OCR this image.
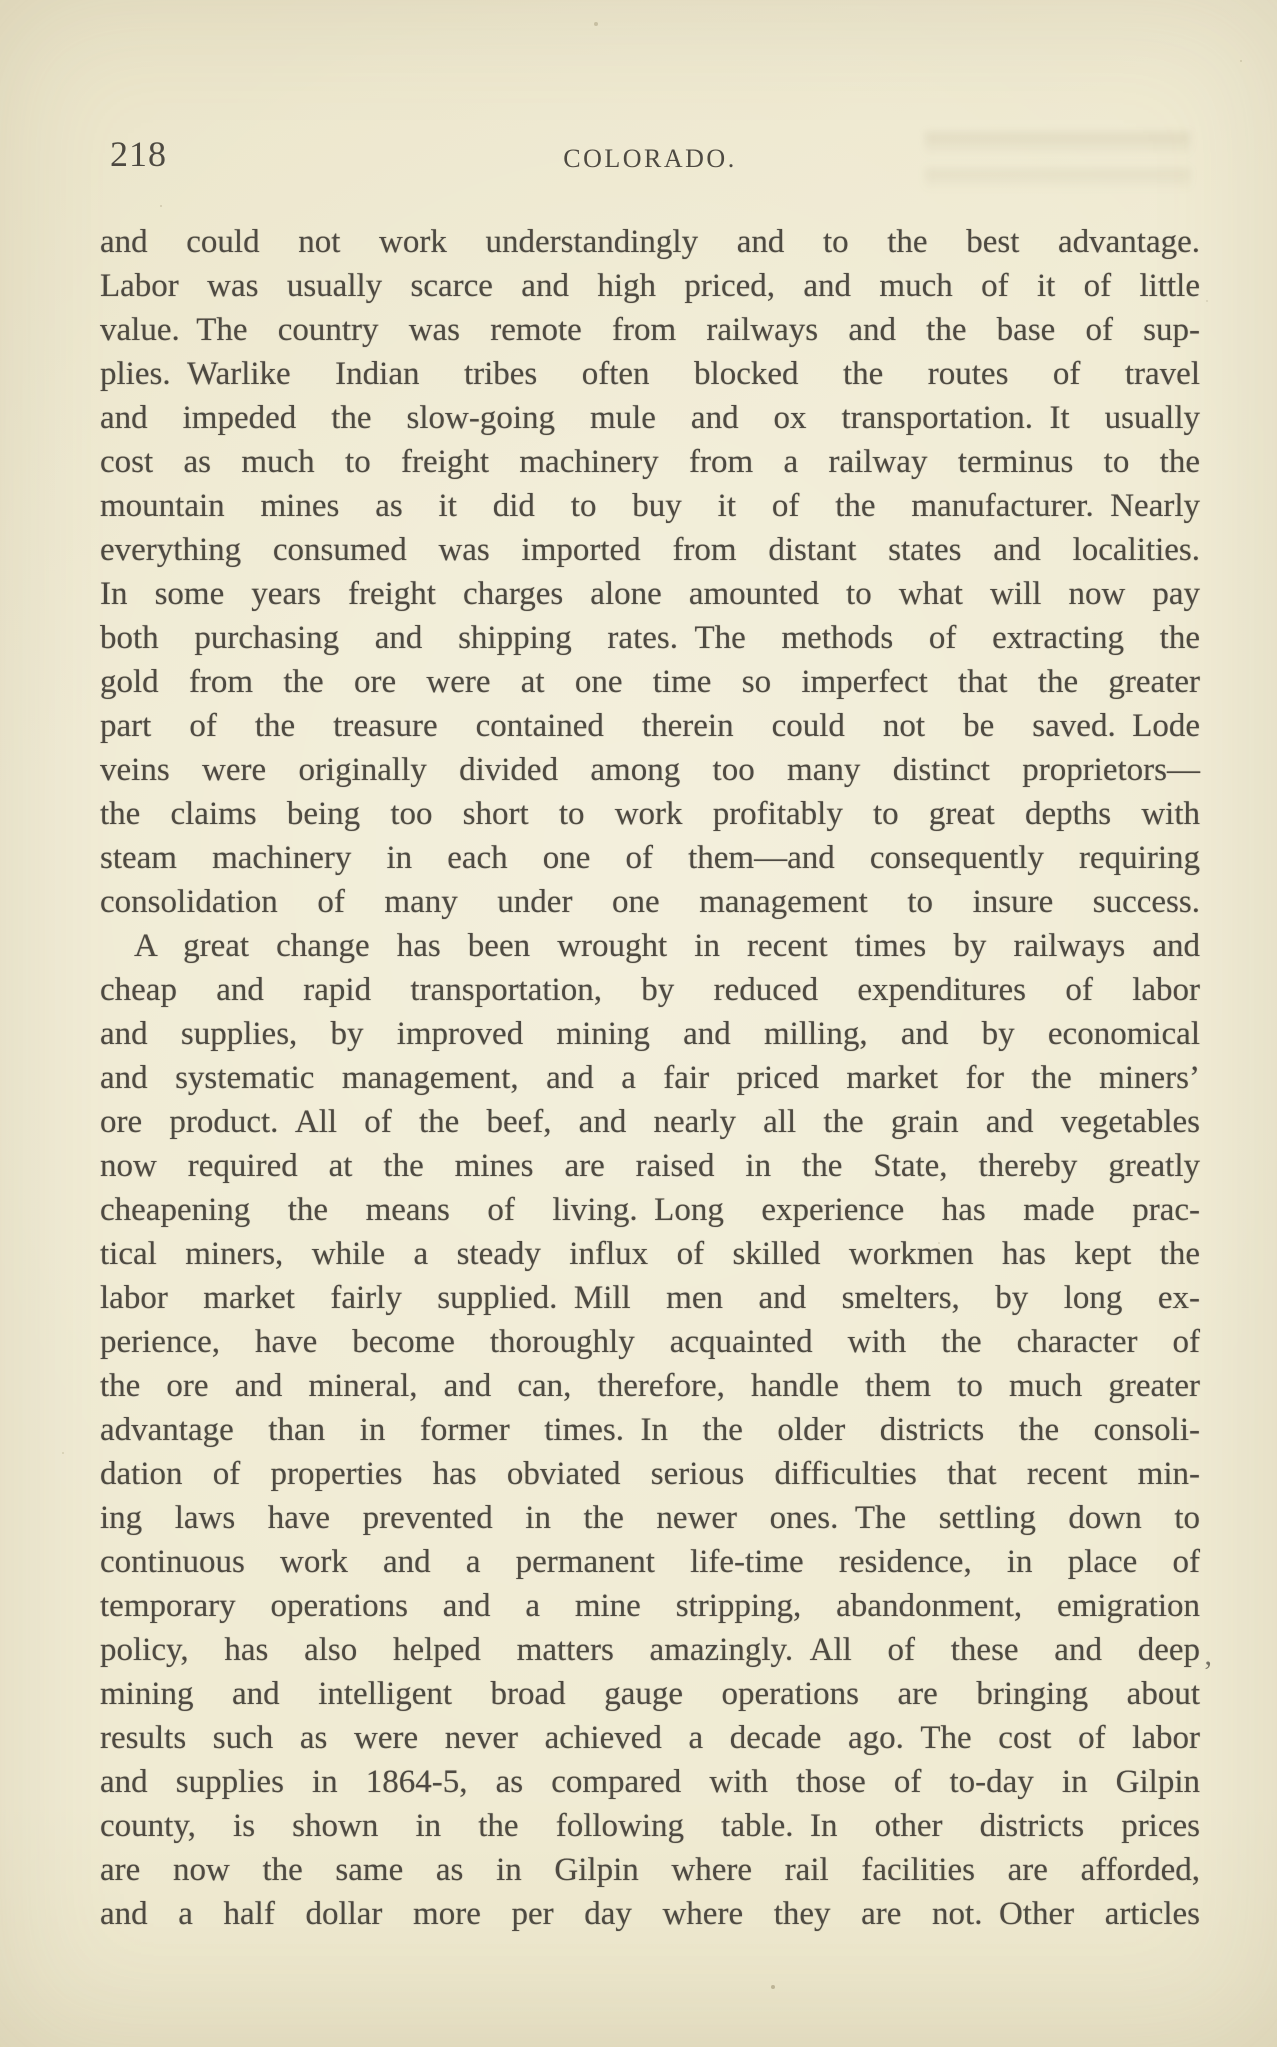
218	COLORADO.
and could not work understandingly and to the best advantage.
Labor was usually scarce and high priced, and much of it of little
value. The country was remote from railways and the base of sup-
plies. Warlike Indian tribes often blocked the routes of travel
and impeded the slow-going mule and ox transportation. It usually
cost as much to freight machinery from a railway terminus to the
mountain mines as it did to buy it of the manufacturer. Nearly
everything consumed was imported from distant states and localities.
In some years freight charges alone amounted to what will now pay
both purchasing and shipping rates. The methods of extracting the
gold from the ore were at one time so imperfect that the greater
part of the treasure contained therein could not be saved. Lode
veins were originally divided among too many distinct proprietors—
the claims being too short to work profitably to great depths with
steam machinery in each one of them—and consequently requiring
consolidation of many under one management to insure success.
A great change has been wrought in recent times by railways and
cheap and rapid transportation, by reduced expenditures of labor
and supplies, by improved mining and milling, and by economical
and systematic management, and a fair priced market for the miners’
ore product. All of the beef, and nearly all the grain and vegetables
now required at the mines are raised in the State, thereby greatly
cheapening the means of living. Long experience has made prac-
tical miners, while a steady influx of skilled workmen has kept the
labor market fairly supplied. Mill men and smelters, by long ex-
perience, have become thoroughly acquainted with the character of
the ore and mineral, and can, therefore, handle them to much greater
advantage than in former times. In the older districts the consoli-
dation of properties has obviated serious difficulties that recent min-
ing laws have prevented in the newer ones. The settling down to
continuous work and a permanent life-time residence, in place of
temporary operations and a mine stripping, abandonment, emigration
policy, has also helped matters amazingly. All of these and deep
mining and intelligent broad gauge operations are bringing about
results such as were never achieved a decade ago. The cost of labor
and supplies in 1864-5, as compared with those of to-day in Gilpin
county, is shown in the following table. In other districts prices
are now the same as in Gilpin where rail facilities are afforded,
and a half dollar more per day where they are not. Other articles
’
